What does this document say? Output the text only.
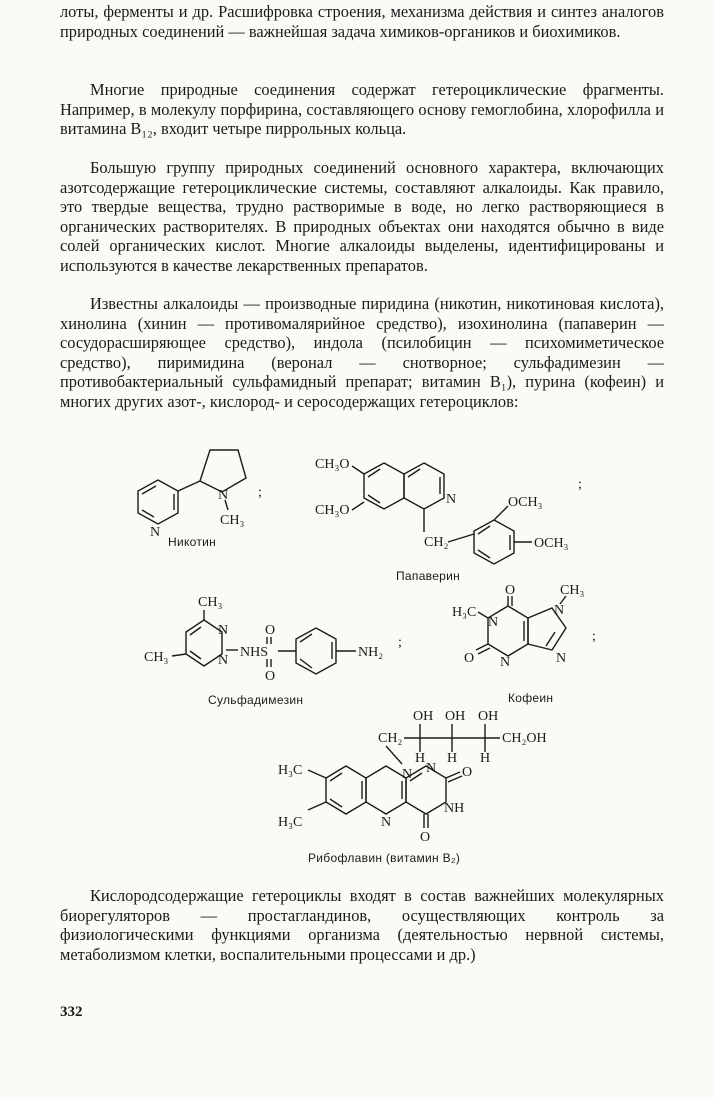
лоты, ферменты и др. Расшифровка строения, механизма действия и синтез аналогов природных соединений — важнейшая задача химиков-органиков и биохимиков.

Многие природные соединения содержат гетероциклические фрагменты. Например, в молекулу порфирина, составляющего основу гемоглобина, хлорофилла и витамина B₁₂, входит четыре пиррольных кольца.

Большую группу природных соединений основного характера, включающих азотсодержащие гетероциклические системы, составляют алкалоиды. Как правило, это твердые вещества, трудно растворимые в воде, но легко растворяющиеся в органических растворителях. В природных объектах они находятся обычно в виде солей органических кислот. Многие алкалоиды выделены, идентифицированы и используются в качестве лекарственных препаратов.

Известны алкалоиды — производные пиридина (никотин, никотиновая кислота), хинолина (хинин — противомалярийное средство), изохинолина (папаверин — сосудорасширяющее средство), индола (псилобицин — психомиметическое средство), пиримидина (веронал — снотворное; сульфадимезин — противобактериальный сульфамидный препарат; витамин B₁), пурина (кофеин) и многих других азот-, кислород- и серосодержащих гетероциклов:

N
N
CH₃
;
Никотин
CH₃O
CH₃O
N
CH₂
OCH₃
OCH₃
;
Папаверин
CH₃
N
N
CH₃	NHS
O
O
NH₂
;
Сульфадимезин
H₃C
N
N
O
O
N
N
CH₃
;
Кофеин
CH₂
OH OH OH
H H H
CH₂OH
N
N
N
NH
O
O
H₃C
H₃C
Рибофлавин (витамин B₂)

Кислородсодержащие гетероциклы входят в состав важнейших молекулярных биорегуляторов — простагландинов, осуществляющих контроль за физиологическими функциями организма (деятельностью нервной системы, метаболизмом клетки, воспалительными процессами и др.)

332
